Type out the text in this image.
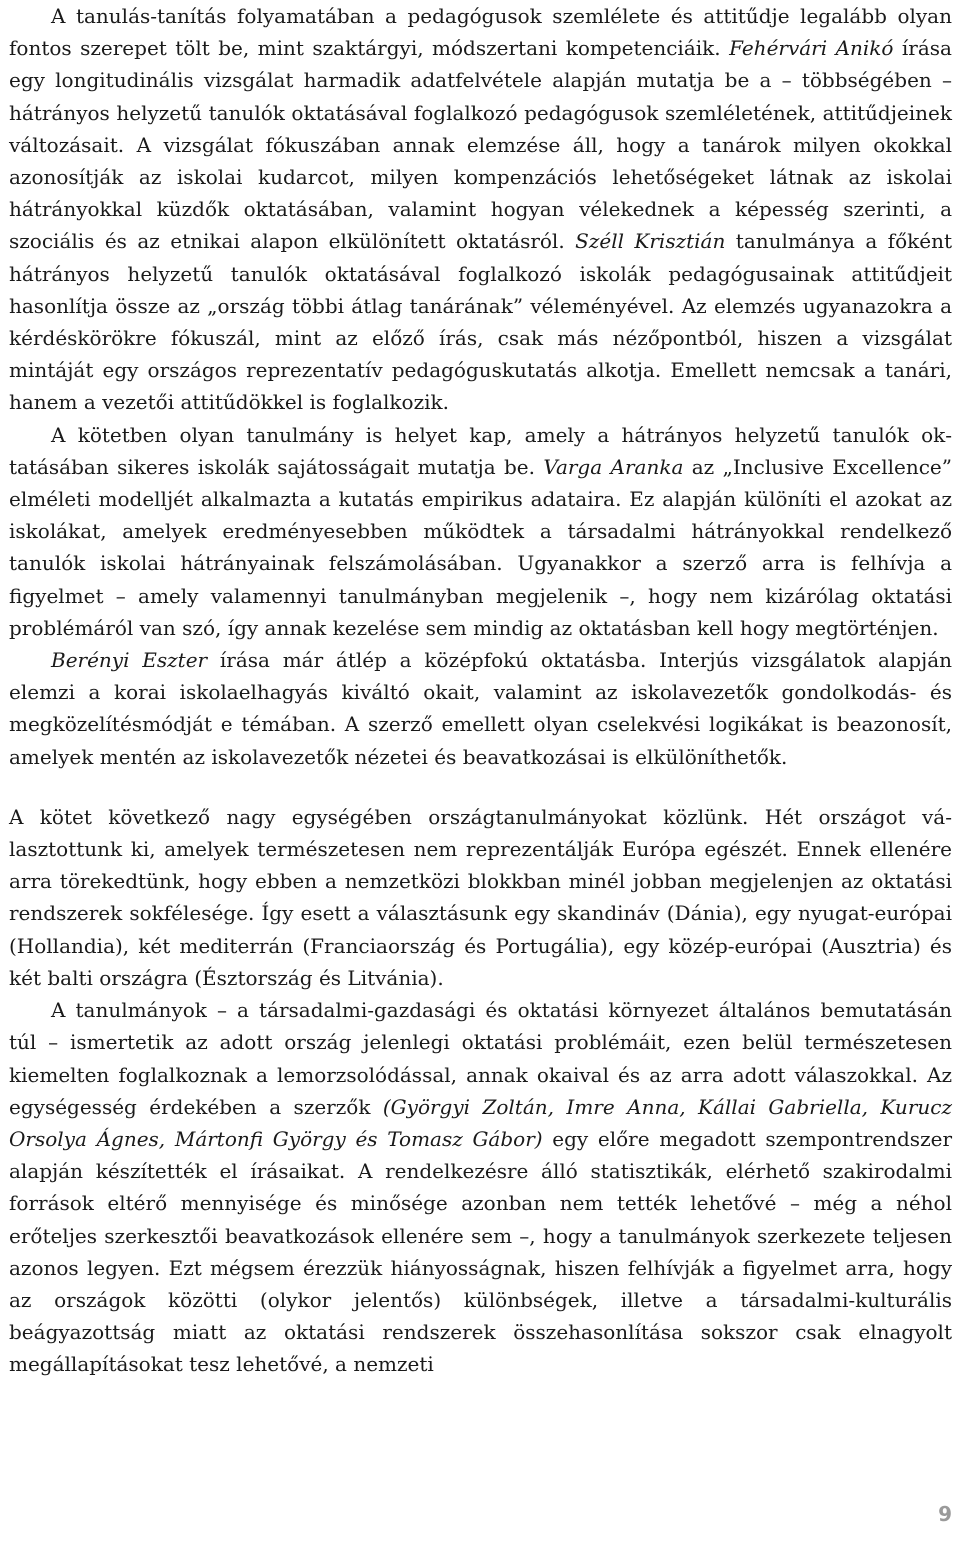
A tanulás-tanítás folyamatában a pedagógusok szemlélete és attitűdje legalább olyan fontos szerepet tölt be, mint szaktárgyi, módszertani kompetenciáik. Fehérvári Anikó írása egy longitudinális vizsgálat harmadik adatfelvétele alapján mutatja be a – többségében – hátrányos helyzetű tanulók oktatásával foglalkozó pedagógusok szemléletének, attitűdjeinek változásait. A vizsgálat fókuszában annak elemzése áll, hogy a tanárok milyen okokkal azonosítják az iskolai kudarcot, milyen kompenzációs lehetőségeket látnak az iskolai hátrányokkal küzdők oktatásában, valamint hogyan vélekednek a képesség szerinti, a szociális és az etnikai alapon elkülönített oktatásról. Széll Krisztián tanulmánya a főként hátrányos helyzetű tanulók oktatásával foglalkozó iskolák pedagógusainak attitűdjeit hasonlítja össze az „ország többi átlag tanárának” véleményével. Az elemzés ugyanazokra a kérdéskörökre fókuszál, mint az előző írás, csak más nézőpontból, hiszen a vizsgálat mintáját egy országos reprezentatív pedagóguskutatás alkotja. Emellett nemcsak a tanári, hanem a vezetői attitűdökkel is foglalkozik.

A kötetben olyan tanulmány is helyet kap, amely a hátrányos helyzetű tanulók oktatásában sikeres iskolák sajátosságait mutatja be. Varga Aranka az „Inclusive Excellence” elméleti modelljét alkalmazta a kutatás empirikus adataira. Ez alapján különíti el azokat az iskolákat, amelyek eredményesebben működtek a társadalmi hátrányokkal rendelkező tanulók iskolai hátrányainak felszámolásában. Ugyanakkor a szerző arra is felhívja a figyelmet – amely valamennyi tanulmányban megjelenik –, hogy nem kizárólag oktatási problémáról van szó, így annak kezelése sem mindig az oktatásban kell hogy megtörténjen.

Berényi Eszter írása már átlép a középfokú oktatásba. Interjús vizsgálatok alapján elemzi a korai iskolaelhagyás kiváltó okait, valamint az iskolavezetők gondolkodás- és megközelítésmódját e témában. A szerző emellett olyan cselekvési logikákat is beazonosít, amelyek mentén az iskolavezetők nézetei és beavatkozásai is elkülöníthetők.

A kötet következő nagy egységében országtanulmányokat közlünk. Hét országot választottunk ki, amelyek természetesen nem reprezentálják Európa egészét. Ennek ellenére arra törekedtünk, hogy ebben a nemzetközi blokkban minél jobban megjelenjen az oktatási rendszerek sokfélesége. Így esett a választásunk egy skandináv (Dánia), egy nyugat-európai (Hollandia), két mediterrán (Franciaország és Portugália), egy közép-európai (Ausztria) és két balti országra (Észtország és Litvánia).

A tanulmányok – a társadalmi-gazdasági és oktatási környezet általános bemutatásán túl – ismertetik az adott ország jelenlegi oktatási problémáit, ezen belül természetesen kiemelten foglalkoznak a lemorzsolódással, annak okaival és az arra adott válaszokkal. Az egységesség érdekében a szerzők (Györgyi Zoltán, Imre Anna, Kállai Gabriella, Kurucz Orsolya Ágnes, Mártonfi György és Tomasz Gábor) egy előre megadott szempontrendszer alapján készítették el írásaikat. A rendelkezésre álló statisztikák, elérhető szakirodalmi források eltérő mennyisége és minősége azonban nem tették lehetővé – még a néhol erőteljes szerkesztői beavatkozások ellenére sem –, hogy a tanulmányok szerkezete teljesen azonos legyen. Ezt mégsem érezzük hiányosságnak, hiszen felhívják a figyelmet arra, hogy az országok közötti (olykor jelentős) különbségek, illetve a társadalmi-kulturális beágyazottság miatt az oktatási rendszerek összehasonlítása sokszor csak elnagyolt megállapításokat tesz lehetővé, a nemzeti

9
